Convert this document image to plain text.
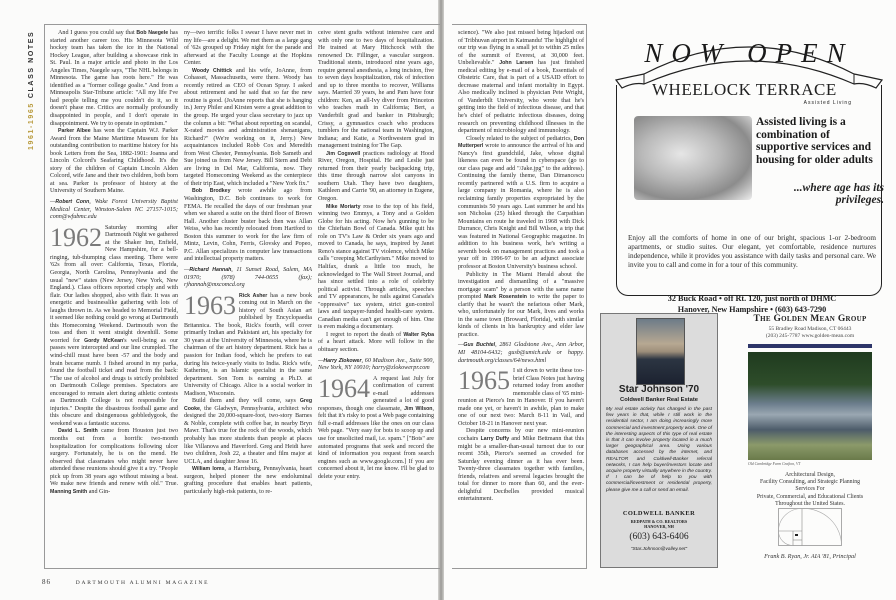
1961-1965CLASS NOTES	And I guess you could say that Bob Naegele has started another career too. His Minnesota Wild hockey team has taken the ice in the National Hockey League, after building a showcase rink in St. Paul. In a major article and photo in the Los Angeles Times, Naegele says, "The NHL belongs in Minnesota. The game has roots here." He was identified as a "former college goalie." And from a Minneapolis Star-Tribune article: "All my life I've had people telling me you couldn't do it, so it doesn't phase me. Critics are normally profoundly disappointed in people, and I don't operate in disappointment. We try to operate in optimism."

Parker Albee has won the Captain W.J. Parker Award from the Maine Maritime Museum for his outstanding contribution to maritime history for his book Letters from the Sea, 1882-1901: Joanna and Lincoln Colcord's Seafaring Childhood. It's the story of the children of Captain Lincoln Alden Colcord, wife Jane and their two children, both born at sea. Parker is professor of history at the University of Southern Maine.

—Robert Conn, Wake Forest University Baptist Medical Center, Winston-Salem NC 27157-1015; conn@wfubmc.edu

1962 Saturday morning after Dartmouth Night we gathered at the Shaker Inn, Enfield, New Hampshire, for a bell-ringing, tub-thumping class meeting. There were '62s from all over: California, Texas, Florida, Georgia, North Carolina, Pennsylvania and the usual "new" states (New Jersey, New York, New England.). Class officers reported crisply and with flair. Our ladies shopped, also with flair. It was an energetic and businesslike gathering with lots of laughs thrown in. As we headed to Memorial Field, it seemed like nothing could go wrong at Dartmouth this Homecoming Weekend. Dartmouth won the toss and then it went straight downhill. Some worried for Gordy McKean's well-being as our passes were intercepted and our line crumpled. The wind-chill must have been -57 and the body and brain became numb. I fished around in my parka, found the football ticket and read from the back: "The use of alcohol and drugs is strictly prohibited on Dartmouth College premises. Spectators are encouraged to remain alert during athletic contests as Dartmouth College is not responsible for injuries." Despite the disastrous football game and this obscure and disingenuous gobbledygook, the weekend was a fantastic success.

David L. Smith came from Houston just two months out from a horrific two-month hospitalization for complications following ulcer surgery. Fortunately, he is on the mend. He observed that classmates who might never have attended these reunions should give it a try. "People pick up from 38 years ago without missing a beat. We make new friends and renew with old." True. Manning Smith and Gin-

ny—two terrific folks I swear I have never met in my life—are a delight. We met them as a large gang of '62s grouped up Friday night for the parade and afterward at the Faculty Lounge at the Hopkins Center.

Woody Chittick and his wife, JoAnne, from Cohasset, Massachusetts, were there. Woody has recently retired as CEO of Ocean Spray. I asked about retirement and he said that so far the new routine is good. (JoAnne reports that she is hanging in.) Jerry Philer and Kirsten were a great addition to the group. He urged your class secretary to jazz up the column a bit: "What about reporting on scandal, X-rated movies and administration shenanigans, Richard?" (We're working on it, Jerry.) New acquaintances included Robb Cox and Meredith from West Chester, Pennsylvania. Bob Sametb and Sue joined us from New Jersey. Bill Stern and Debi are living in Del Mar, California, now. They targeted Homecoming Weekend as the centerpiece of their trip East, which included a "New York fix."

Bob Brodkey wrote awhile ago from Washington, D.C. Bob continues to work for FEMA. He recalled the days of our freshman year when we shared a suite on the third floor of Brown Hall. Another cluster buster back then was Allan Weiss, who has recently relocated from Hartford to Boston this summer to work for the law firm of Mintz, Levin, Cohn, Ferris, Glovsky and Popeo, P.C. Allan specializes in computer law transactions and intellectual property matters.

—Richard Hannah, 11 Sunset Road, Salem, MA 01970; (978) 744-0655 (fax); rjhannah@mxcomcd.org

1963 Rick Asher has a new book coming out in March on the history of South Asian art published by Encyclopaedia Britannica. The book, Rick's fourth, will cover primarily Indian and Pakistani art, his specialty for 30 years at the University of Minnesota, where he is chairman of the art history department. Rick has a passion for Indian food, which he prefers to eat during his twice-yearly visits to India. Rick's wife, Katherine, is an Islamic specialist in the same department. Son Tom is earning a Ph.D. at University of Chicago. Alice is a social worker in Madison, Wisconsin.

Build them and they will come, says Greg Cooke, the Gladwyn, Pennsylvania, architect who designed the 20,000-square-foot, two-story Barnes & Noble, complete with coffee bar, in nearby Bryn Mawr. That's true for the rock of the woods, which probably has more students than people at places like Villanova and Haverford. Greg and Heidi have two children, Josh 22, a theater and film major at UCLA, and daughter Jesse 16.

William Ioms, a Harrisburg, Pennsylvania, heart surgeon, helped pioneer the new endoluminal grafting procedure that enables heart patients, particularly high-risk patients, to re-

ceive stent grafts without intensive care and with only one to two days of hospitalization. He trained at Mary Hitchcock with the renowned Dr. Fillinger, a vascular surgeon. Traditional stents, introduced nine years ago, require general anesthesia, a long incision, five to seven days hospitalization, risk of infection and up to three months to recover, Williams says. Married 39 years, he and Pam have four children: Ken, an all-Ivy diver from Princeton who teaches math in California; Bert, a Vanderbilt grad and banker in Pittsburgh; Crissy, a gymnastics coach who produces tumblers for the national team in Washington, Indiana; and Katie, a Northwestern grad in management training for The Gap.

Jim Cogswell practices radiology at Hood River, Oregon, Hospital. He and Leslie just returned from their yearly backpacking trip, this time through narrow slot canyons in southern Utah. They have two daughters, Kathleen and Carrie '90, an attorney in Eugene, Oregon.

Mike Moriarty rose to the top of his field, winning two Emmys, a Tony and a Golden Globe for his acting. Now he's gunning to be the Chieftain Bowl of Canada. Mike quit his role on TV's Law & Order six years ago and moved to Canada, he says, inspired by Janet Reno's stance against TV violence, which Mike calls "creeping McCarthyism." Mike moved to Halifax, drank a little too much, he acknowledged to The Wall Street Journal, and has since settled into a role of celebrity political activist. Through articles, speeches and TV appearances, he rails against Canada's "oppressive" tax system, strict gun-control laws and taxpayer-funded health-care system. Canadian media can't get enough of him. One is even making a documentary.

I regret to report the death of Walter Ryba of a heart attack. More will follow in the obituary section.

—Harry Zlokower, 60 Madison Ave., Suite 900, New York, NY 10010; harry@zlokowerpr.com

1964 A request last July for confirmation of current e-mail addresses generated a lot of good responses, though one classmate, Jim Wilson, felt that it's risky to post a Web page containing full e-mail addresses like the ones on our class Web page. "Very easy for bots to scoop up and use for unsolicited mail, i.e. spam." ["Bots" are automated programs that seek and record the kind of information you request from search engines such as www.google.com.] If you are concerned about it, let me know. I'll be glad to delete your entry.

science). "We also just missed being hijacked out of Tribhuvan airport in Katmandu! The highlight of our trip was flying in a small jet to within 25 miles of the summit of Everest, at 30,000 feet. Unbelievable." John Larsen has just finished medical editing by e-mail of a book, Essentials of Obstetric Care, that is part of a USAID effort to decrease maternal and infant mortality in Egypt. Also medically inclined is physician Pete Wright, of Vanderbilt University, who wrote that he's getting into the field of infectious disease, and that he's chief of pediatric infectious diseases, doing research on preventing childhood illnesses in the department of microbiology and immunology.

Closely related to the subject of pediatrics, Don Mutterperl wrote to announce the arrival of his and Nancy's first grandchild, Jake, whose digital likeness can even be found in cyberspace (go to our class page and add "/Jake.jpg" to the address). Continuing the family theme, Dan Dimancescu recently partnered with a U.S. firm to acquire a large company in Romania, where he is also reclaiming family properties expropriated by the communists 50 years ago. Last summer he and his son Nicholas (25) hiked through the Carpathian Mountains en route he traveled in 1968 with Dick Durrance, Chris Knight and Bill Wilson, a trip that was featured in National Geographic magazine. In addition to his business work, he's writing a seventh book on management practices and took a year off in 1996-97 to be an adjunct associate professor at Boston University's business school.

Publicity in The Miami Herald about the investigation and dismantling of a "massive mortgage scam" by a person with the same name prompted Mark Rosenstein to write the paper to clarify that he wasn't the nefarious other Mark, who, unfortunately for our Mark, lives and works in the same town (Broward, Florida), with similar kinds of clients in his bankruptcy and elder law practice.

—Gus Buchtel, 2861 Gladstone Ave., Ann Arbor, MI 48104-6432; gusb@umich.edu or happy. dartmouth.org/classes/64/news.html

1965 I sit down to write these too-brief Class Notes just having returned today from another memorable class of '65 mini-reunion at Pierce's Inn in Hanover. If you haven't made one yet, or haven't in awhile, plan to make one of our next two: March 8-11 in Vail, and October 18-21 in Hanover next year.

Despite concerns by our new mini-reunion cochairs Larry Duffy and Mike Bettmann that this might be a smaller-than-usual turnout due to our recent 35th, Pierce's seemed as crowded for Saturday evening dinner as it has ever been. Twenty-three classmates together with families, friends, relatives and several legacies brought the total for dinner to more than 60, and the ever-delightful Decibelles provided musical entertainment.

86	DARTMOUTH ALUMNI MAGAZINE
NOW OPEN
WHEELOCK TERRACE
Assisted Living
Assisted living is a combination of supportive services and housing for older adults
...where age has its privileges.
Enjoy all the comforts of home in one of our bright, spacious 1-or 2-bedroom apartments, or studio suites. Our elegant, yet comfortable, residence nurtures independence, while it provides you assistance with daily tasks and personal care. We invite you to call and come in for a tour of this community.
32 Buck Road • off Rt. 120, just north of DHMC
Hanover, New Hampshire • (603) 643-7290
Star Johnson '70
Coldwell Banker Real Estate
My real estate activity has changed in the past few years in that, while I still work in the residential sector, I am doing increasingly more commercial and investment property work. One of the interesting aspects of this type of real estate is that it can involve property located in a much larger geographical area. Using various databases accessed by the internet, and REALTOR and Coldwell-Banker referral networks, I can help buyer/investors locate and acquire property virtually anywhere in the country. If I can be of help to you with commercial/investment or residential property, please give me a call or send an email.
COLDWELL BANKER
REDPATH & CO. REALTORS
HANOVER, NH
(603) 643-6406
"Star.Johnson@valley.net"
The Golden Mean Group
55 Bradley Road Madison, CT 06443
(203) 245-7787 www.golden-mean.com
Old Cambridge Farm Grafton, VT
Architectural Design,
Facility Consulting, and Strategic Planning
Services For
Private, Commercial, and Educational Clients
Throughout the United States.
Frank B. Ryan, Jr. AIA '81, Principal
